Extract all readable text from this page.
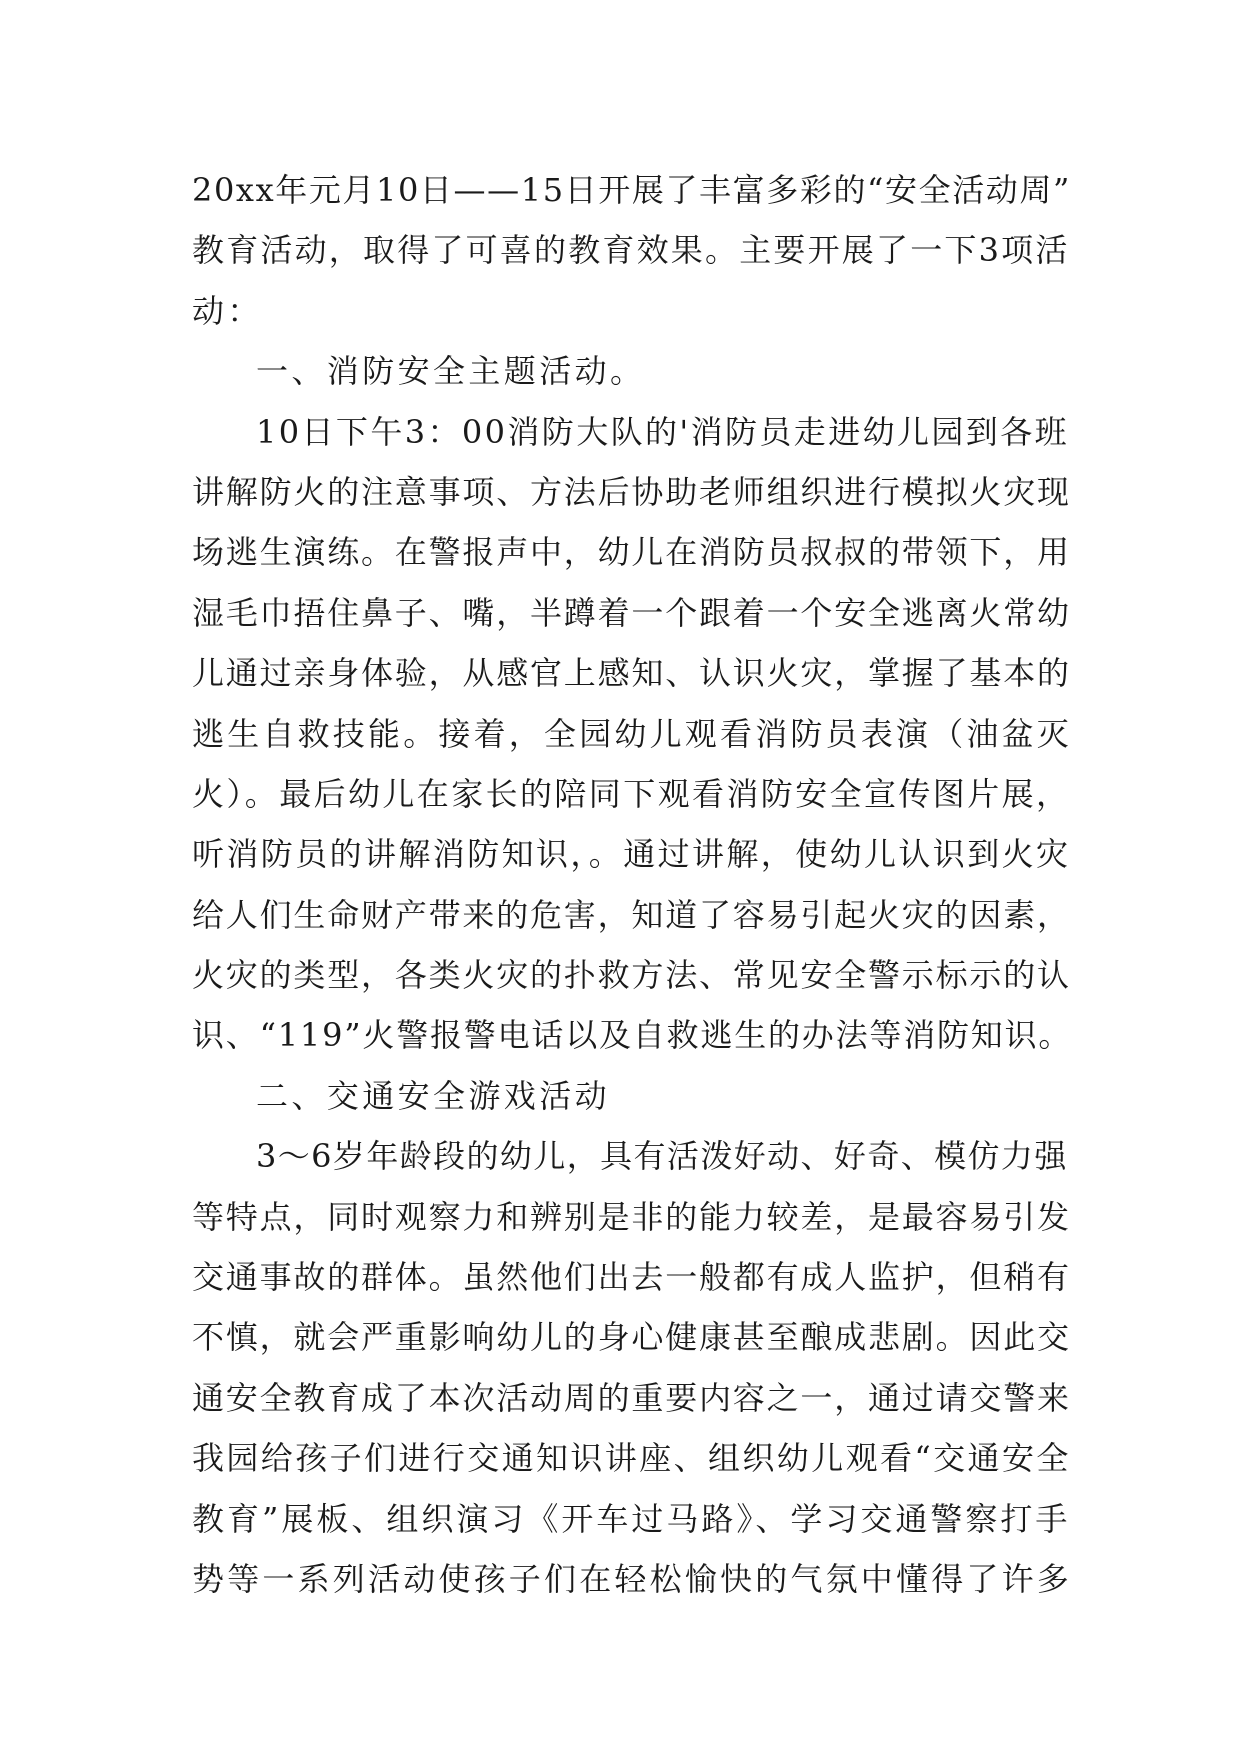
20xx年元月10日——15日开展了丰富多彩的“安全活动周”
教育活动，取得了可喜的教育效果。主要开展了一下3项活
动：
一、消防安全主题活动。
10日下午3：00消防大队的'消防员走进幼儿园到各班
讲解防火的注意事项、方法后协助老师组织进行模拟火灾现
场逃生演练。在警报声中，幼儿在消防员叔叔的带领下，用
湿毛巾捂住鼻子、嘴，半蹲着一个跟着一个安全逃离火常幼
儿通过亲身体验，从感官上感知、认识火灾，掌握了基本的
逃生自救技能。接着，全园幼儿观看消防员表演（油盆灭
火）。最后幼儿在家长的陪同下观看消防安全宣传图片展，
听消防员的讲解消防知识，。通过讲解，使幼儿认识到火灾
给人们生命财产带来的危害，知道了容易引起火灾的因素，
火灾的类型，各类火灾的扑救方法、常见安全警示标示的认
识、“119”火警报警电话以及自救逃生的办法等消防知识。
二、交通安全游戏活动
3～6岁年龄段的幼儿，具有活泼好动、好奇、模仿力强
等特点，同时观察力和辨别是非的能力较差，是最容易引发
交通事故的群体。虽然他们出去一般都有成人监护，但稍有
不慎，就会严重影响幼儿的身心健康甚至酿成悲剧。因此交
通安全教育成了本次活动周的重要内容之一，通过请交警来
我园给孩子们进行交通知识讲座、组织幼儿观看“交通安全
教育”展板、组织演习《开车过马路》、学习交通警察打手
势等一系列活动使孩子们在轻松愉快的气氛中懂得了许多
